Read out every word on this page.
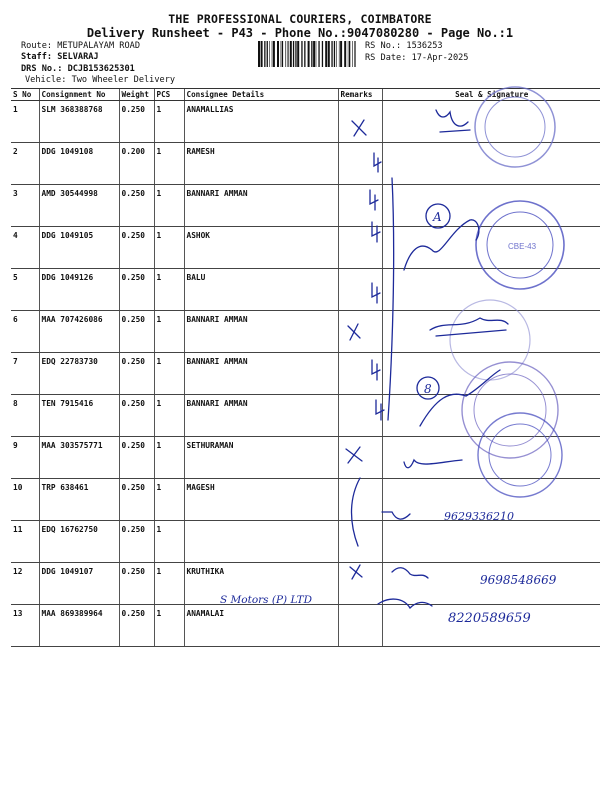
THE PROFESSIONAL COURIERS, COIMBATORE
Delivery Runsheet - P43 - Phone No.:9047080280 - Page No.:1
Route: METUPALAYAM ROAD
Staff: SELVARAJ
DRS No.: DCJB153625301
Vehicle: Two Wheeler Delivery
RS No.: 1536253
RS Date: 17-Apr-2025
S No	Consignment No	Weight	PCS	Consignee Details	Remarks	Seal & Signature
1	SLM 368388768	0.250	1	ANAMALLIAS		
2	DDG 1049108	0.200	1	RAMESH		
3	AMD 30544998	0.250	1	BANNARI AMMAN		
4	DDG 1049105	0.250	1	ASHOK		
5	DDG 1049126	0.250	1	BALU		
6	MAA 707426086	0.250	1	BANNARI AMMAN		
7	EDQ 22783730	0.250	1	BANNARI AMMAN		
8	TEN 7915416	0.250	1	BANNARI AMMAN		
9	MAA 303575771	0.250	1	SETHURAMAN		
10	TRP 638461	0.250	1	MAGESH		
11	EDQ 16762750	0.250	1			
12	DDG 1049107	0.250	1	KRUTHIKA		
13	MAA 869389964	0.250	1	ANAMALAI		
CBE-43
A
8
9629336210
9698548669
8220589659
S Motors (P) LTD
